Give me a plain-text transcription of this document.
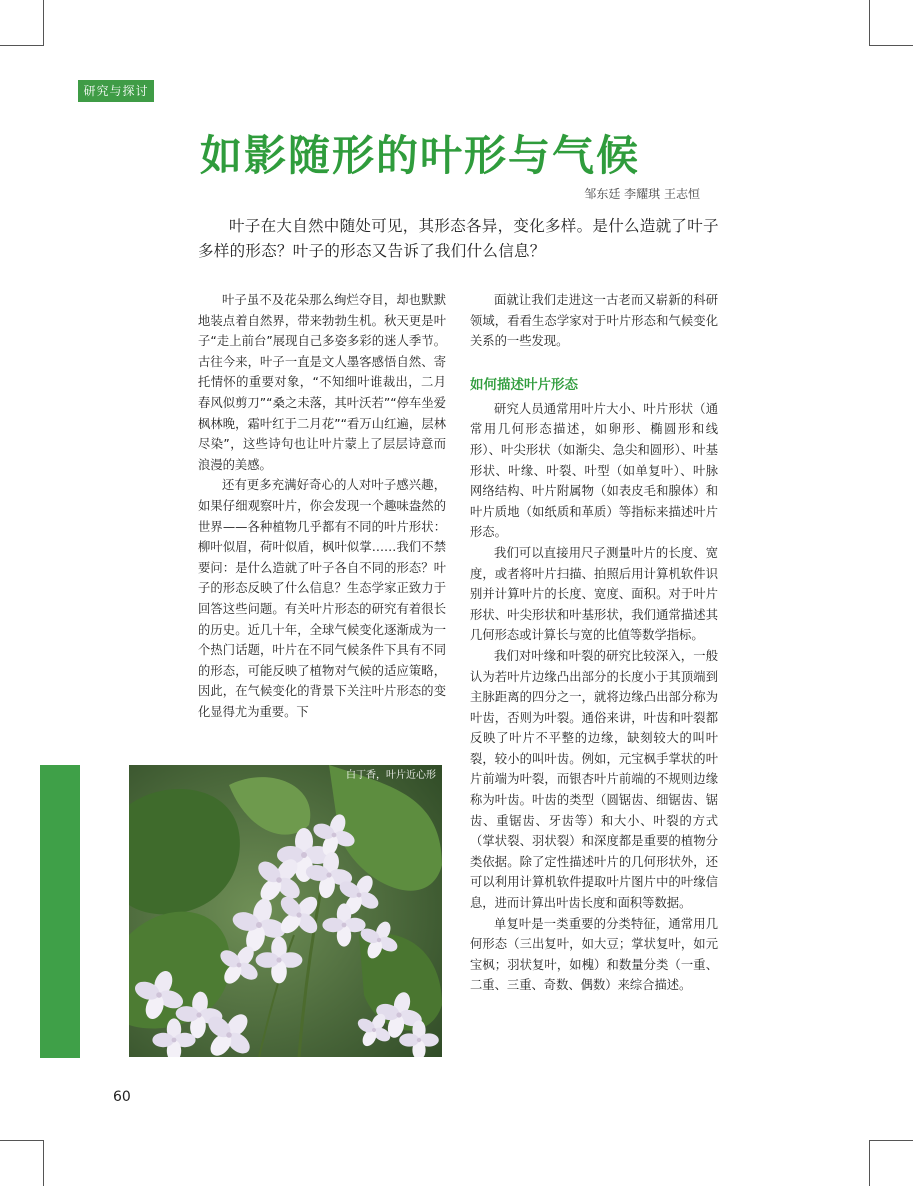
研究与探讨
如影随形的叶形与气候
邹东廷 李耀琪 王志恒

叶子在大自然中随处可见，其形态各异，变化多样。是什么造就了叶子多样的形态？叶子的形态又告诉了我们什么信息？

叶子虽不及花朵那么绚烂夺目，却也默默地装点着自然界，带来勃勃生机。秋天更是叶子“走上前台”展现自己多姿多彩的迷人季节。古往今来，叶子一直是文人墨客感悟自然、寄托情怀的重要对象，“不知细叶谁裁出，二月春风似剪刀”“桑之未落，其叶沃若”“停车坐爱枫林晚，霜叶红于二月花”“看万山红遍，层林尽染”，这些诗句也让叶片蒙上了层层诗意而浪漫的美感。

还有更多充满好奇心的人对叶子感兴趣，如果仔细观察叶片，你会发现一个趣味盎然的世界——各种植物几乎都有不同的叶片形状：柳叶似眉，荷叶似盾，枫叶似掌……我们不禁要问：是什么造就了叶子各自不同的形态？叶子的形态反映了什么信息？生态学家正致力于回答这些问题。有关叶片形态的研究有着很长的历史。近几十年，全球气候变化逐渐成为一个热门话题，叶片在不同气候条件下具有不同的形态，可能反映了植物对气候的适应策略，因此，在气候变化的背景下关注叶片形态的变化显得尤为重要。下

面就让我们走进这一古老而又崭新的科研领域，看看生态学家对于叶片形态和气候变化关系的一些发现。

如何描述叶片形态

研究人员通常用叶片大小、叶片形状（通常用几何形态描述，如卵形、椭圆形和线形）、叶尖形状（如渐尖、急尖和圆形）、叶基形状、叶缘、叶裂、叶型（如单复叶）、叶脉网络结构、叶片附属物（如表皮毛和腺体）和叶片质地（如纸质和革质）等指标来描述叶片形态。

我们可以直接用尺子测量叶片的长度、宽度，或者将叶片扫描、拍照后用计算机软件识别并计算叶片的长度、宽度、面积。对于叶片形状、叶尖形状和叶基形状，我们通常描述其几何形态或计算长与宽的比值等数学指标。

我们对叶缘和叶裂的研究比较深入，一般认为若叶片边缘凸出部分的长度小于其顶端到主脉距离的四分之一，就将边缘凸出部分称为叶齿，否则为叶裂。通俗来讲，叶齿和叶裂都反映了叶片不平整的边缘，缺刻较大的叫叶裂，较小的叫叶齿。例如，元宝枫手掌状的叶片前端为叶裂，而银杏叶片前端的不规则边缘称为叶齿。叶齿的类型（圆锯齿、细锯齿、锯齿、重锯齿、牙齿等）和大小、叶裂的方式（掌状裂、羽状裂）和深度都是重要的植物分类依据。除了定性描述叶片的几何形状外，还可以利用计算机软件提取叶片图片中的叶缘信息，进而计算出叶齿长度和面积等数据。

单复叶是一类重要的分类特征，通常用几何形态（三出复叶，如大豆；掌状复叶，如元宝枫；羽状复叶，如槐）和数量分类（一重、二重、三重、奇数、偶数）来综合描述。

白丁香，叶片近心形
60
